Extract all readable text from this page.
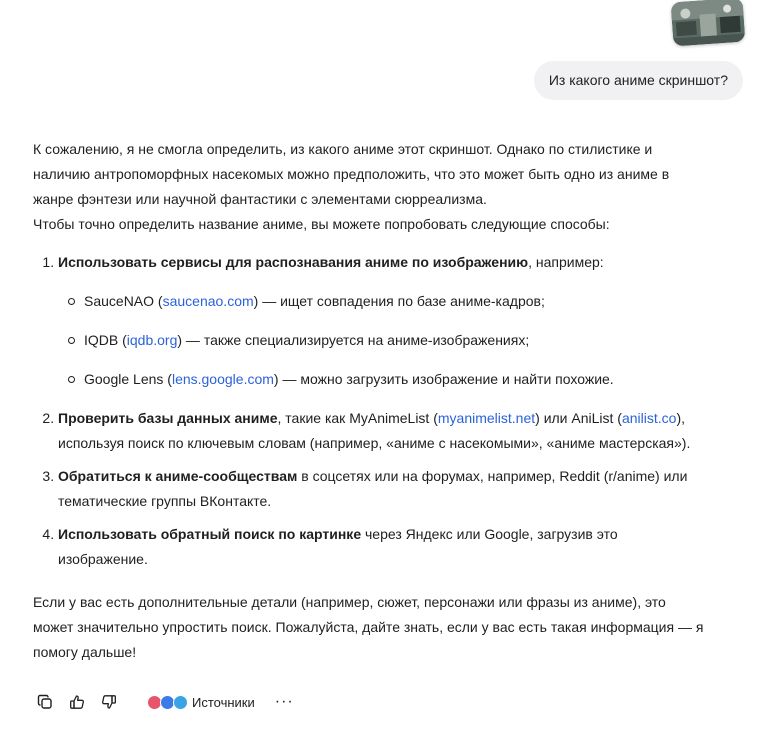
Из какого аниме скриншот?

К сожалению, я не смогла определить, из какого аниме этот скриншот. Однако по стилистике и наличию антропоморфных насекомых можно предположить, что это может быть одно из аниме в жанре фэнтези или научной фантастики с элементами сюрреализма.
Чтобы точно определить название аниме, вы можете попробовать следующие способы:

1. Использовать сервисы для распознавания аниме по изображению, например:
SauceNAO (saucenao.com) — ищет совпадения по базе аниме-кадров;
IQDB (iqdb.org) — также специализируется на аниме-изображениях;
Google Lens (lens.google.com) — можно загрузить изображение и найти похожие.
2. Проверить базы данных аниме, такие как MyAnimeList (myanimelist.net) или AniList (anilist.co), используя поиск по ключевым словам (например, «аниме с насекомыми», «аниме мастерская»).
3. Обратиться к аниме-сообществам в соцсетях или на форумах, например, Reddit (r/anime) или тематические группы ВКонтакте.
4. Использовать обратный поиск по картинке через Яндекс или Google, загрузив это изображение.

Если у вас есть дополнительные детали (например, сюжет, персонажи или фразы из аниме), это может значительно упростить поиск. Пожалуйста, дайте знать, если у вас есть такая информация — я помогу дальше!

Источники ···
